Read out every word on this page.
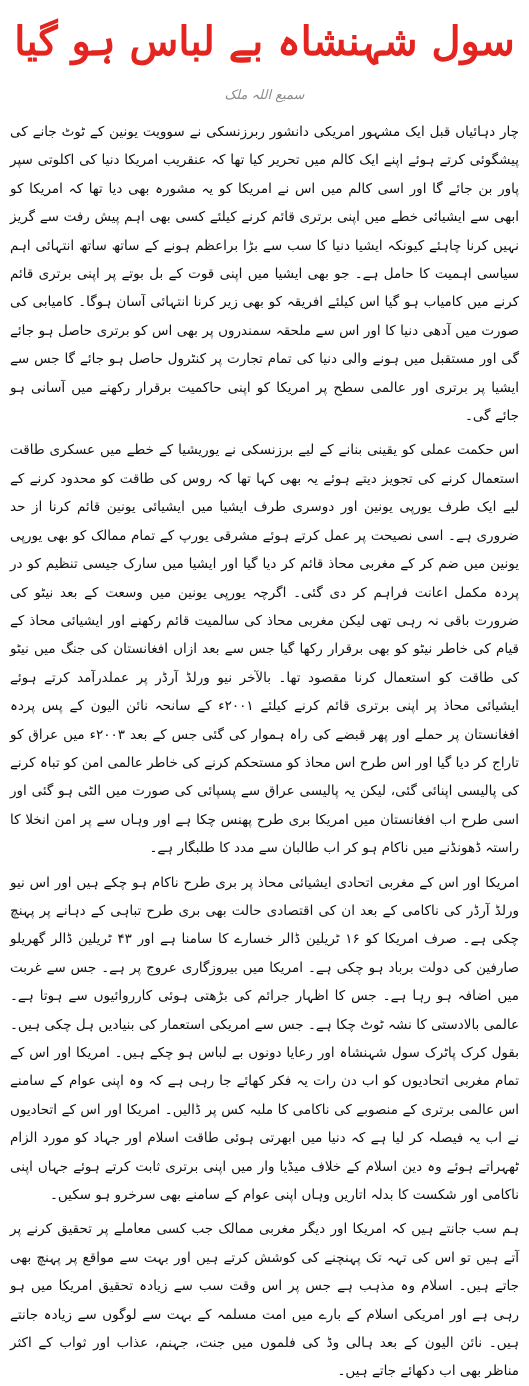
سول شہنشاہ بے لباس ہو گیا
سمیع اللہ ملک

چار دہائیاں قبل ایک مشہور امریکی دانشور ربرزنسکی نے سوویت یونین کے ٹوٹ جانے کی پیشگوئی کرتے ہوئے اپنے ایک کالم میں تحریر کیا تھا کہ عنقریب امریکا دنیا کی اکلوتی سپر پاور بن جائے گا اور اسی کالم میں اس نے امریکا کو یہ مشورہ بھی دیا تھا کہ امریکا کو ابھی سے ایشیائی خطے میں اپنی برتری قائم کرنے کیلئے کسی بھی اہم پیش رفت سے گریز نہیں کرنا چاہئے کیونکہ ایشیا دنیا کا سب سے بڑا براعظم ہونے کے ساتھ ساتھ انتہائی اہم سیاسی اہمیت کا حامل ہے۔ جو بھی ایشیا میں اپنی قوت کے بل بوتے پر اپنی برتری قائم کرنے میں کامیاب ہو گیا اس کیلئے افریقہ کو بھی زیر کرنا انتہائی آسان ہوگا۔ کامیابی کی صورت میں آدھی دنیا کا اور اس سے ملحقہ سمندروں پر بھی اس کو برتری حاصل ہو جائے گی اور مستقبل میں ہونے والی دنیا کی تمام تجارت پر کنٹرول حاصل ہو جائے گا جس سے ایشیا پر برتری اور عالمی سطح پر امریکا کو اپنی حاکمیت برقرار رکھنے میں آسانی ہو جائے گی۔

اس حکمت عملی کو یقینی بنانے کے لیے برزنسکی نے یوریشیا کے خطے میں عسکری طاقت استعمال کرنے کی تجویز دیتے ہوئے یہ بھی کہا تھا کہ روس کی طاقت کو محدود کرنے کے لیے ایک طرف یورپی یونین اور دوسری طرف ایشیا میں ایشیائی یونین قائم کرنا از حد ضروری ہے۔ اسی نصیحت پر عمل کرتے ہوئے مشرقی یورپ کے تمام ممالک کو بھی یورپی یونین میں ضم کر کے مغربی محاذ قائم کر دیا گیا اور ایشیا میں سارک جیسی تنظیم کو در پردہ مکمل اعانت فراہم کر دی گئی۔ اگرچہ یورپی یونین میں وسعت کے بعد نیٹو کی ضرورت باقی نہ رہی تھی لیکن مغربی محاذ کی سالمیت قائم رکھنے اور ایشیائی محاذ کے قیام کی خاطر نیٹو کو بھی برقرار رکھا گیا جس سے بعد ازاں افغانستان کی جنگ میں نیٹو کی طاقت کو استعمال کرنا مقصود تھا۔ بالآخر نیو ورلڈ آرڈر پر عملدرآمد کرتے ہوئے ایشیائی محاذ پر اپنی برتری قائم کرنے کیلئے ۲۰۰۱ء کے سانحہ نائن الیون کے پس پردہ افغانستان پر حملے اور پھر قبضے کی راہ ہموار کی گئی جس کے بعد ۲۰۰۳ء میں عراق کو تاراج کر دیا گیا اور اس طرح اس محاذ کو مستحکم کرنے کی خاطر عالمی امن کو تباہ کرنے کی پالیسی اپنائی گئی، لیکن یہ پالیسی عراق سے پسپائی کی صورت میں الٹی ہو گئی اور اسی طرح اب افغانستان میں امریکا بری طرح پھنس چکا ہے اور وہاں سے پر امن انخلا کا راستہ ڈھونڈنے میں ناکام ہو کر اب طالبان سے مدد کا طلبگار ہے۔

امریکا اور اس کے مغربی اتحادی ایشیائی محاذ پر بری طرح ناکام ہو چکے ہیں اور اس نیو ورلڈ آرڈر کی ناکامی کے بعد ان کی اقتصادی حالت بھی بری طرح تباہی کے دہانے پر پہنچ چکی ہے۔ صرف امریکا کو ۱۶ ٹریلین ڈالر خسارے کا سامنا ہے اور ۴۳ ٹریلین ڈالر گھریلو صارفین کی دولت برباد ہو چکی ہے۔ امریکا میں بیروزگاری عروج پر ہے۔ جس سے غربت میں اضافہ ہو رہا ہے۔ جس کا اظہار جرائم کی بڑھتی ہوئی کارروائیوں سے ہوتا ہے۔ عالمی بالادستی کا نشہ ٹوٹ چکا ہے۔ جس سے امریکی استعمار کی بنیادیں ہل چکی ہیں۔ بقول کرک پاٹرک سول شہنشاہ اور رعایا دونوں بے لباس ہو چکے ہیں۔ امریکا اور اس کے تمام مغربی اتحادیوں کو اب دن رات یہ فکر کھائے جا رہی ہے کہ وہ اپنی عوام کے سامنے اس عالمی برتری کے منصوبے کی ناکامی کا ملبہ کس پر ڈالیں۔ امریکا اور اس کے اتحادیوں نے اب یہ فیصلہ کر لیا ہے کہ دنیا میں ابھرتی ہوئی طاقت اسلام اور جہاد کو مورد الزام ٹھہراتے ہوئے وہ دین اسلام کے خلاف میڈیا وار میں اپنی برتری ثابت کرتے ہوئے جہاں اپنی ناکامی اور شکست کا بدلہ اتاریں وہاں اپنی عوام کے سامنے بھی سرخرو ہو سکیں۔

ہم سب جانتے ہیں کہ امریکا اور دیگر مغربی ممالک جب کسی معاملے پر تحقیق کرنے پر آتے ہیں تو اس کی تہہ تک پہنچنے کی کوشش کرتے ہیں اور بہت سے مواقع پر پہنچ بھی جاتے ہیں۔ اسلام وہ مذہب ہے جس پر اس وقت سب سے زیادہ تحقیق امریکا میں ہو رہی ہے اور امریکی اسلام کے بارے میں امت مسلمہ کے بہت سے لوگوں سے زیادہ جانتے ہیں۔ نائن الیون کے بعد ہالی وڈ کی فلموں میں جنت، جہنم، عذاب اور ثواب کے اکثر مناظر بھی اب دکھائے جاتے ہیں۔
